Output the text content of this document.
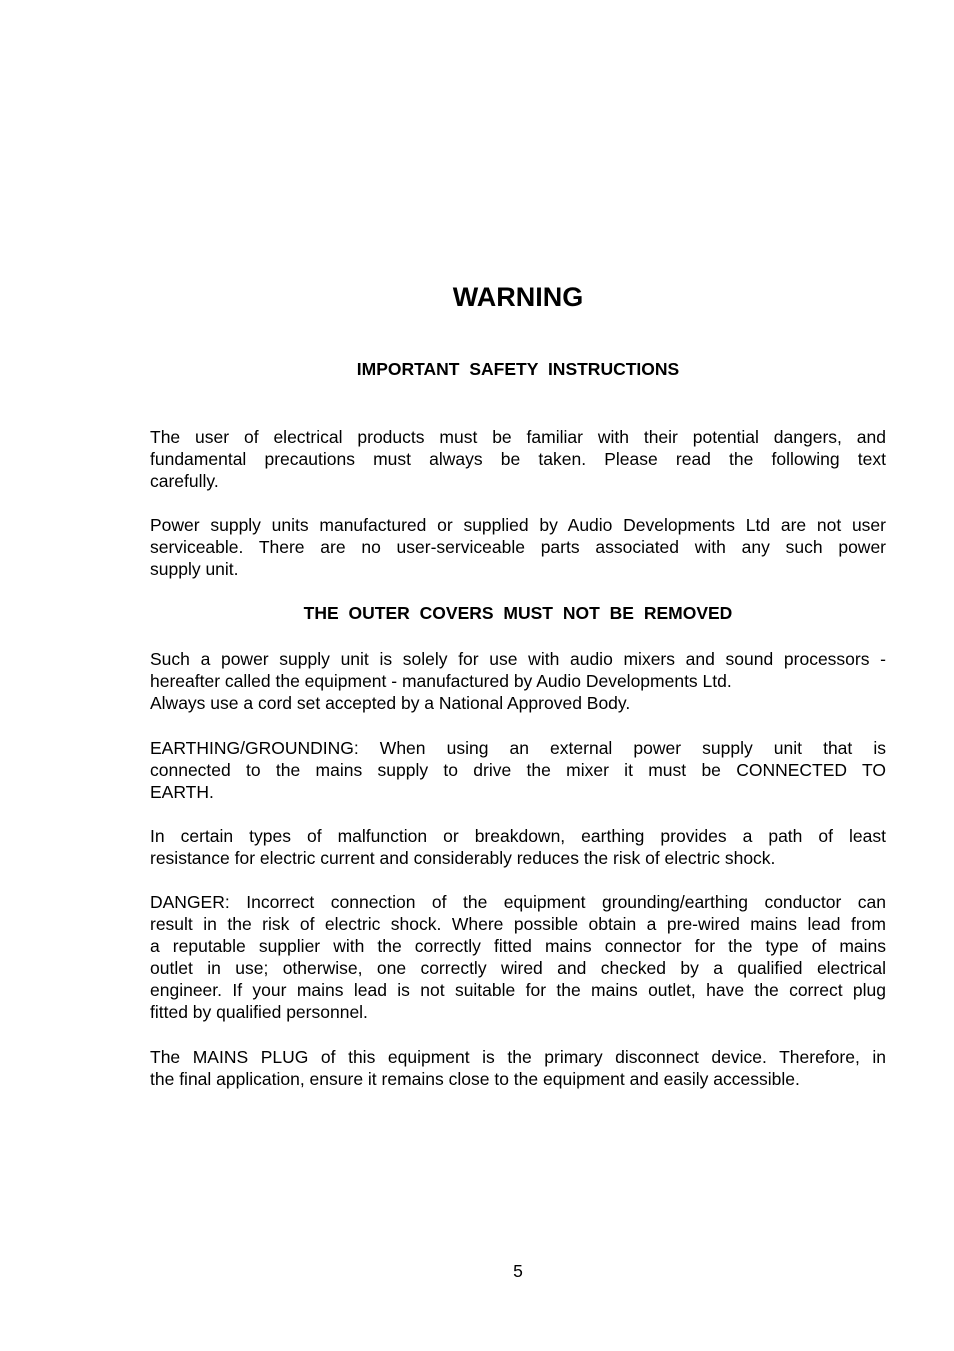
WARNING
IMPORTANT SAFETY INSTRUCTIONS

The user of electrical products must be familiar with their potential dangers, and
fundamental precautions must always be taken. Please read the following text
carefully.

Power supply units manufactured or supplied by Audio Developments Ltd are not user
serviceable. There are no user-serviceable parts associated with any such power
supply unit.

THE OUTER COVERS MUST NOT BE REMOVED

Such a power supply unit is solely for use with audio mixers and sound processors -
hereafter called the equipment - manufactured by Audio Developments Ltd.
Always use a cord set accepted by a National Approved Body.

EARTHING/GROUNDING: When using an external power supply unit that is
connected to the mains supply to drive the mixer it must be CONNECTED TO
EARTH.

In certain types of malfunction or breakdown, earthing provides a path of least
resistance for electric current and considerably reduces the risk of electric shock.

DANGER: Incorrect connection of the equipment grounding/earthing conductor can
result in the risk of electric shock. Where possible obtain a pre-wired mains lead from
a reputable supplier with the correctly fitted mains connector for the type of mains
outlet in use; otherwise, one correctly wired and checked by a qualified electrical
engineer. If your mains lead is not suitable for the mains outlet, have the correct plug
fitted by qualified personnel.

The MAINS PLUG of this equipment is the primary disconnect device. Therefore, in
the final application, ensure it remains close to the equipment and easily accessible.

5
